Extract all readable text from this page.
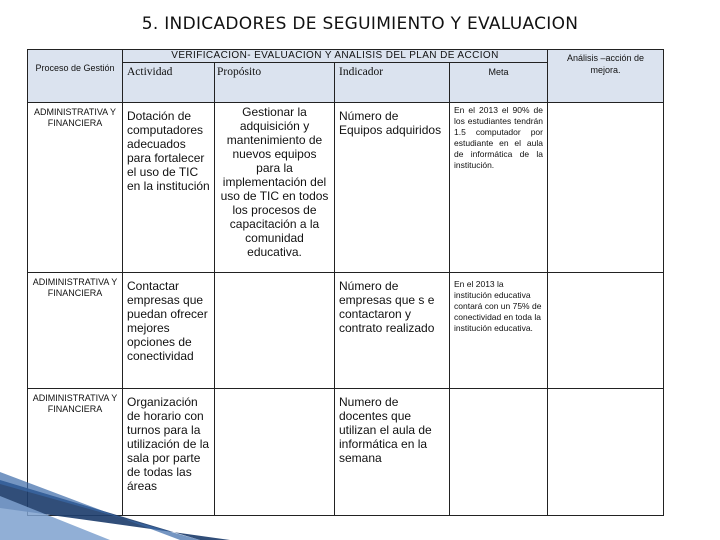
5. INDICADORES DE SEGUIMIENTO Y EVALUACION
Proceso de Gestión	VERIFICACION- EVALUACION Y ANALISIS DEL PLAN DE ACCION				Análisis –acción de mejora.
	Actividad	Propósito	Indicador	Meta	
ADMINISTRATIVA Y FINANCIERA	Dotación de computadores adecuados para fortalecer el uso de TIC en la institución	Gestionar la adquisición y mantenimiento de nuevos equipos para la implementación del uso de TIC en todos los procesos de capacitación a la comunidad educativa.	Número de Equipos adquiridos	En el 2013 el 90% de los estudiantes tendrán 1.5 computador por estudiante en el aula de informática de la institución.	
ADIMINISTRATIVA Y FINANCIERA	Contactar empresas que puedan ofrecer mejores opciones de conectividad		Número de empresas que s e contactaron y contrato realizado	En el 2013 la institución educativa contará con un 75% de conectividad en toda la institución educativa.	
ADIMINISTRATIVA Y FINANCIERA	Organización de horario con turnos para la utilización de la sala por parte de todas las áreas		Numero de docentes que utilizan el aula de informática en la semana		
